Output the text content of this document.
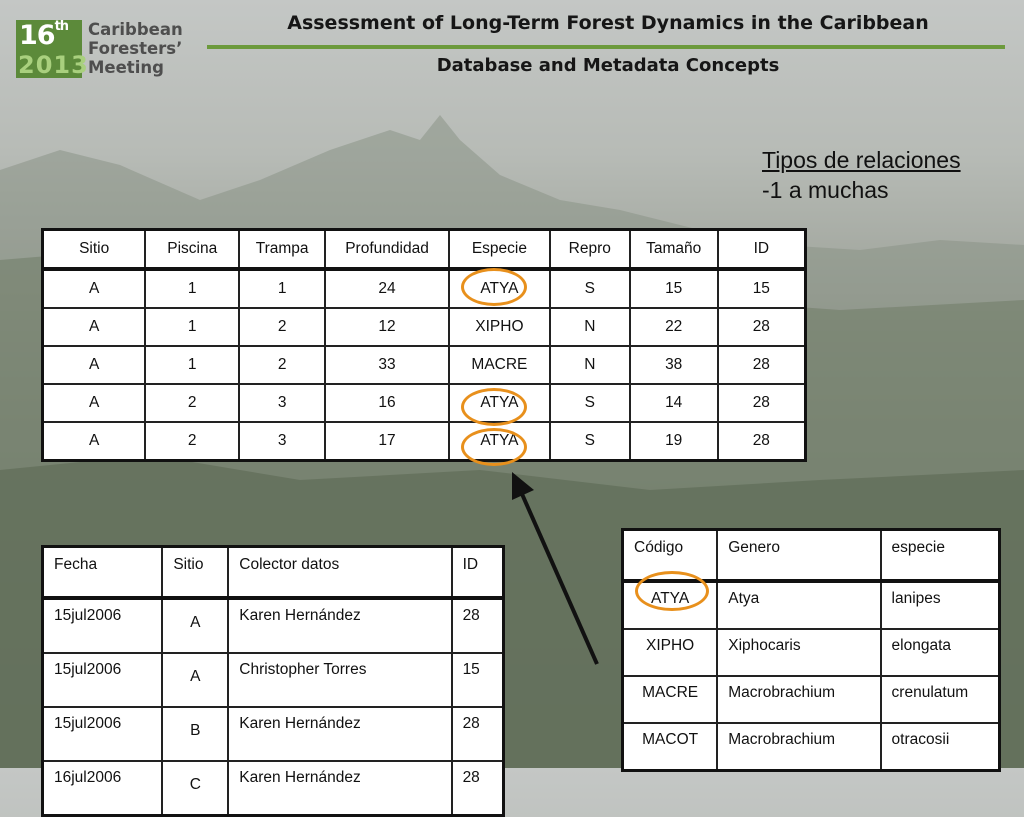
16th
2013
Caribbean
Foresters’
Meeting
Assessment of Long-Term Forest Dynamics in the Caribbean
Database and Metadata Concepts
Tipos de relaciones
-1 a muchas
Sitio	Piscina	Trampa	Profundidad	Especie	Repro	Tamaño	ID
A	1	1	24	ATYA	S	15	15
A	1	2	12	XIPHO	N	22	28
A	1	2	33	MACRE	N	38	28
A	2	3	16	ATYA	S	14	28
A	2	3	17	ATYA	S	19	28
Fecha	Sitio	Colector datos	ID
15jul2006	A	Karen Hernández	28
15jul2006	A	Christopher Torres	15
15jul2006	B	Karen Hernández	28
16jul2006	C	Karen Hernández	28
Código	Genero	especie
ATYA	Atya	lanipes
XIPHO	Xiphocaris	elongata
MACRE	Macrobrachium	crenulatum
MACOT	Macrobrachium	otracosii
